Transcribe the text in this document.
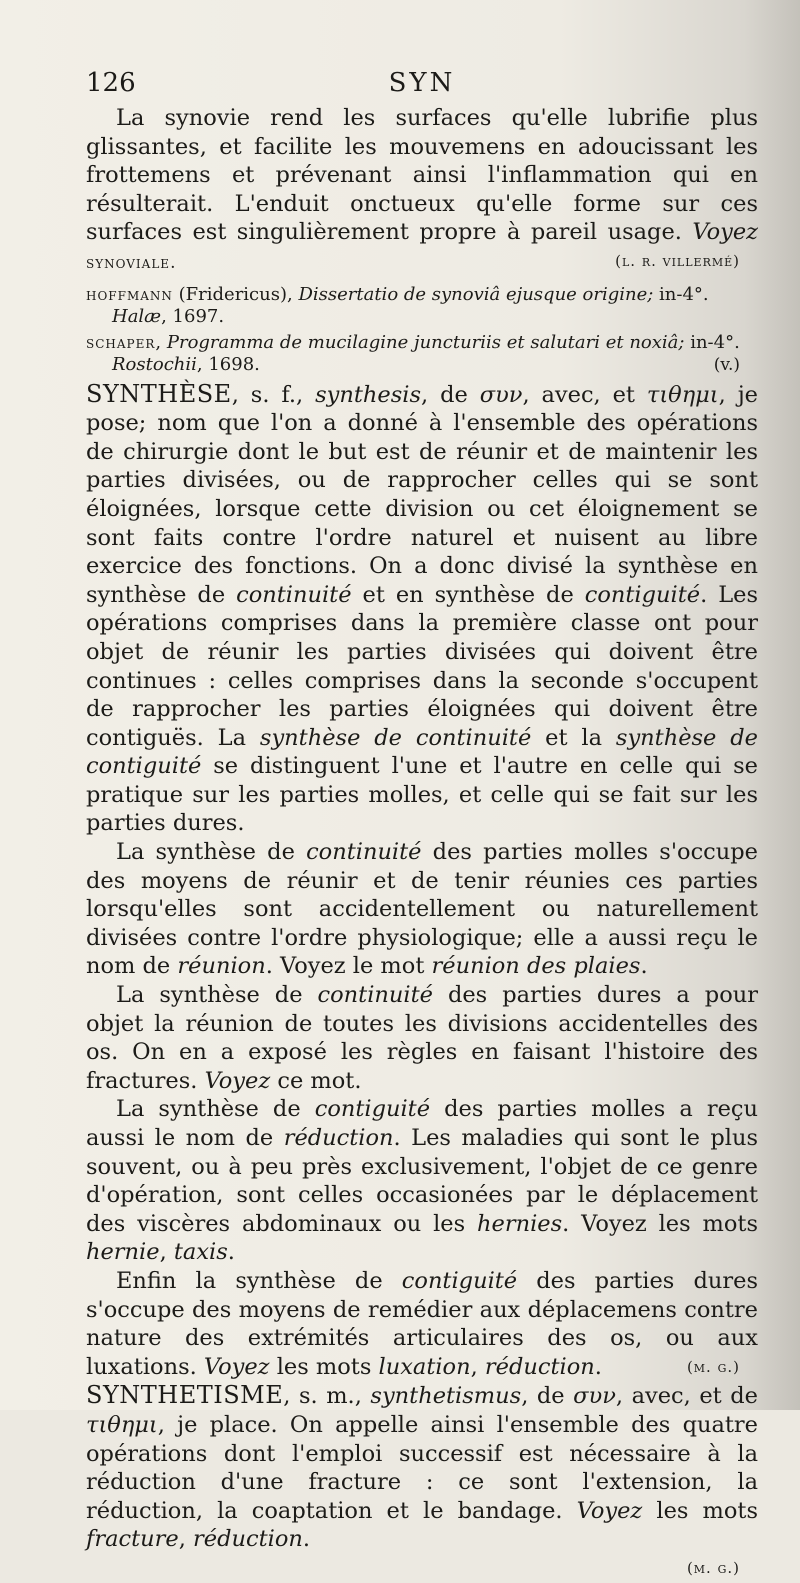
126	SYN

La synovie rend les surfaces qu'elle lubrifie plus glissantes, et facilite les mouvemens en adoucissant les frottemens et prévenant ainsi l'inflammation qui en résulterait. L'enduit onctueux qu'elle forme sur ces surfaces est singulièrement propre à pareil usage. Voyez synoviale.	(l. r. villermé)

hoffmann (Fridericus), Dissertatio de synoviâ ejusque origine; in-4°. Halæ, 1697.

schaper, Programma de mucilagine juncturiis et salutari et noxiâ; in-4°. Rostochii, 1698.	(v.)

SYNTHÈSE, s. f., synthesis, de συν, avec, et τιθημι, je pose; nom que l'on a donné à l'ensemble des opérations de chirurgie dont le but est de réunir et de maintenir les parties divisées, ou de rapprocher celles qui se sont éloignées, lorsque cette division ou cet éloignement se sont faits contre l'ordre naturel et nuisent au libre exercice des fonctions. On a donc divisé la synthèse en synthèse de continuité et en synthèse de contiguité. Les opérations comprises dans la première classe ont pour objet de réunir les parties divisées qui doivent être continues : celles comprises dans la seconde s'occupent de rapprocher les parties éloignées qui doivent être contiguës. La synthèse de continuité et la synthèse de contiguité se distinguent l'une et l'autre en celle qui se pratique sur les parties molles, et celle qui se fait sur les parties dures.

La synthèse de continuité des parties molles s'occupe des moyens de réunir et de tenir réunies ces parties lorsqu'elles sont accidentellement ou naturellement divisées contre l'ordre physiologique; elle a aussi reçu le nom de réunion. Voyez le mot réunion des plaies.

La synthèse de continuité des parties dures a pour objet la réunion de toutes les divisions accidentelles des os. On en a exposé les règles en faisant l'histoire des fractures. Voyez ce mot.

La synthèse de contiguité des parties molles a reçu aussi le nom de réduction. Les maladies qui sont le plus souvent, ou à peu près exclusivement, l'objet de ce genre d'opération, sont celles occasionées par le déplacement des viscères abdominaux ou les hernies. Voyez les mots hernie, taxis.

Enfin la synthèse de contiguité des parties dures s'occupe des moyens de remédier aux déplacemens contre nature des extrémités articulaires des os, ou aux luxations. Voyez les mots luxation, réduction.	(m. g.)

SYNTHETISME, s. m., synthetismus, de συν, avec, et de τιθημι, je place. On appelle ainsi l'ensemble des quatre opérations dont l'emploi successif est nécessaire à la réduction d'une fracture : ce sont l'extension, la réduction, la coaptation et le bandage. Voyez les mots fracture, réduction.

(m. g.)
